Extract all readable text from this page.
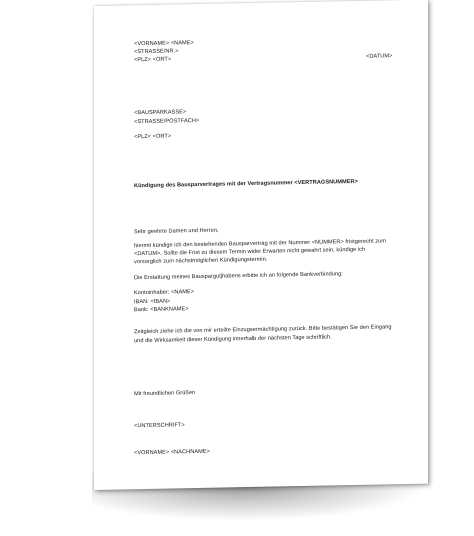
<VORNAME> <NAME>
<STRASSE/NR.>
<PLZ> <ORT>	<DATUM>
<BAUSPARKASSE>
<STRASSE/POSTFACH>
<PLZ< <ORT>
Kündigung des Bausparvertrages mit der Vertragsnummer <VERTRAGSNUMMER>
Sehr geehrte Damen und Herren,
hiermit kündige ich den bestehenden Bausparvertrag mit der Nummer <NUMMER> fristgerecht zum
<DATUM>. Sollte die Frist zu diesem Termin wider Erwarten nicht gewahrt sein, kündige ich
vorsorglich zum nächstmöglichen Kündigungstermin.
Die Erstattung meines Bauspargutjhabens erbitte ich an folgende Bankverbindung:
Kontoinhaber: <NAME>
IBAN: <IBAN>
Bank: <BANKNAME>
Zeitgleich ziehe ich die von mir erteilte Einzugsermächtigung zurück. Bitte bestätigen Sie den Eingang
und die Wirksamkeit dieser Kündigung innerhalb der nächsten Tage schriftlich.
Mit freundlichen Grüßen
<UNTERSCHRIFT>
<VORNAME> <NACHNAME>
